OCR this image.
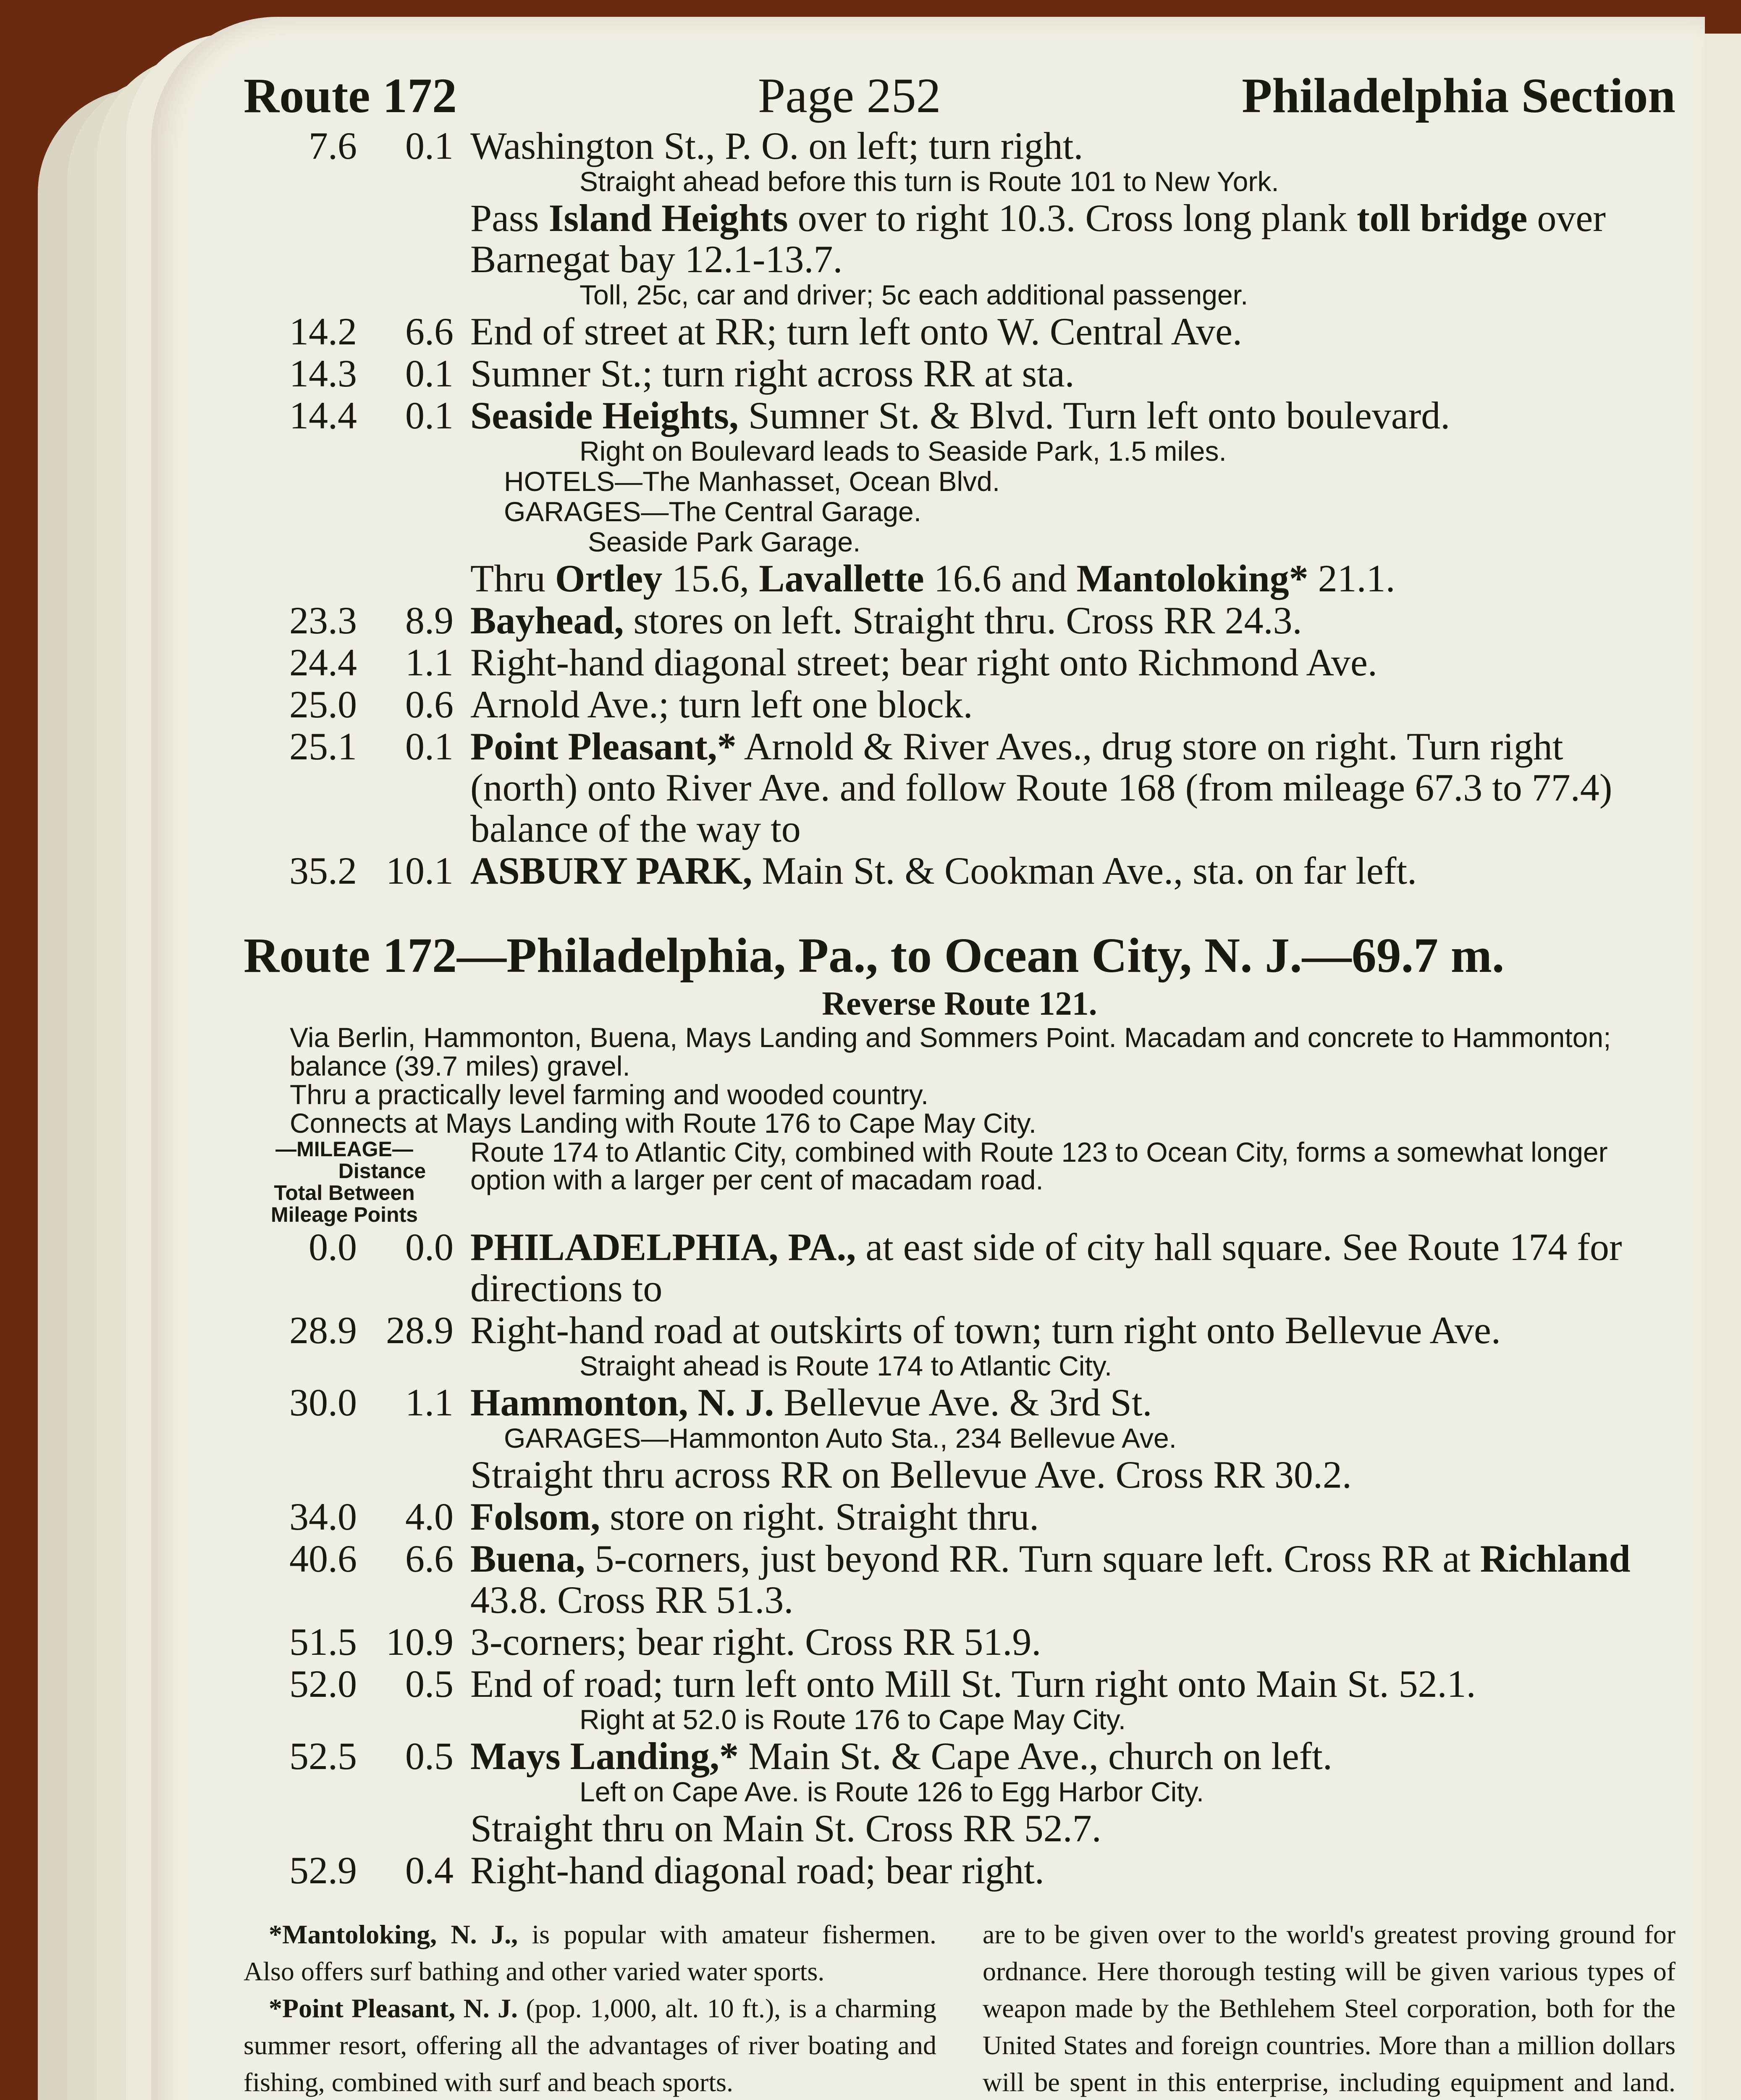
Route 172	Page 252	Philadelphia Section
7.6	0.1 Washington St., P. O. on left; turn right.
Straight ahead before this turn is Route 101 to New York.
Pass Island Heights over to right 10.3. Cross long plank toll bridge over Barnegat bay 12.1-13.7.
Toll, 25c, car and driver; 5c each additional passenger.
14.2	6.6 End of street at RR; turn left onto W. Central Ave.
14.3	0.1 Sumner St.; turn right across RR at sta.
14.4	0.1 Seaside Heights, Sumner St. & Blvd. Turn left onto boulevard.
Right on Boulevard leads to Seaside Park, 1.5 miles.
HOTELS—The Manhasset, Ocean Blvd.
GARAGES—The Central Garage.
Seaside Park Garage.
Thru Ortley 15.6, Lavallette 16.6 and Mantoloking* 21.1.
23.3	8.9 Bayhead, stores on left. Straight thru. Cross RR 24.3.
24.4	1.1 Right-hand diagonal street; bear right onto Richmond Ave.
25.0	0.6 Arnold Ave.; turn left one block.
25.1	0.1 Point Pleasant,* Arnold & River Aves., drug store on right. Turn right (north) onto River Ave. and follow Route 168 (from mileage 67.3 to 77.4) balance of the way to
35.2 10.1 ASBURY PARK, Main St. & Cookman Ave., sta. on far left.
Route 172—Philadelphia, Pa., to Ocean City, N. J.—69.7 m.
Reverse Route 121.
Via Berlin, Hammonton, Buena, Mays Landing and Sommers Point. Macadam and concrete to Hammonton; balance (39.7 miles) gravel.
Thru a practically level farming and wooded country.
Connects at Mays Landing with Route 176 to Cape May City.
—MILEAGE—
Distance
Total Between
Mileage Points
Route 174 to Atlantic City, combined with Route 123 to Ocean City, forms a somewhat longer option with a larger per cent of macadam road.
0.0	0.0 PHILADELPHIA, PA., at east side of city hall square. See Route 174 for directions to
28.9 28.9 Right-hand road at outskirts of town; turn right onto Bellevue Ave.
Straight ahead is Route 174 to Atlantic City.
30.0	1.1 Hammonton, N. J. Bellevue Ave. & 3rd St.
GARAGES—Hammonton Auto Sta., 234 Bellevue Ave.
Straight thru across RR on Bellevue Ave. Cross RR 30.2.
34.0	4.0 Folsom, store on right. Straight thru.
40.6	6.6 Buena, 5-corners, just beyond RR. Turn square left. Cross RR at Richland 43.8. Cross RR 51.3.
51.5 10.9 3-corners; bear right. Cross RR 51.9.
52.0	0.5 End of road; turn left onto Mill St. Turn right onto Main St. 52.1.
Right at 52.0 is Route 176 to Cape May City.
52.5	0.5 Mays Landing,* Main St. & Cape Ave., church on left.
Left on Cape Ave. is Route 126 to Egg Harbor City.
Straight thru on Main St. Cross RR 52.7.
52.9	0.4 Right-hand diagonal road; bear right.

*Mantoloking, N. J., is popular with amateur fishermen. Also offers surf bathing and other varied water sports.

*Point Pleasant, N. J. (pop. 1,000, alt. 10 ft.), is a charming summer resort, offering all the advantages of river boating and fishing, combined with surf and beach sports.

are to be given over to the world's greatest proving ground for ordnance. Here thorough testing will be given various types of weapon made by the Bethlehem Steel corporation, both for the United States and foreign countries. More than a million dollars will be spent in this enterprise, including equipment and land.
